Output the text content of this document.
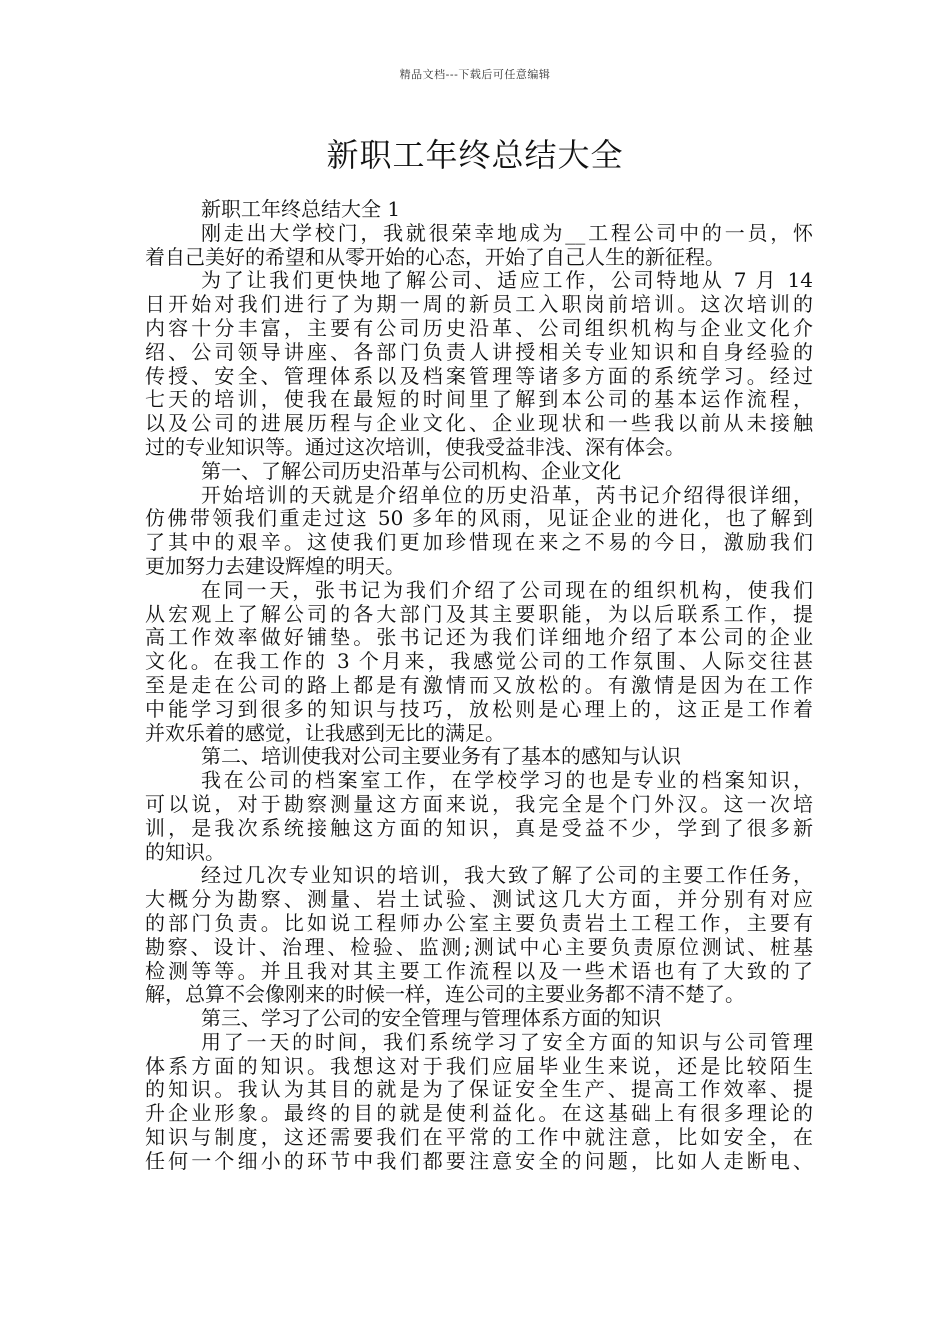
精品文档---下载后可任意编辑
新职工年终总结大全
新职工年终总结大全 1
刚走出大学校门，我就很荣幸地成为__工程公司中的一员，怀
着自己美好的希望和从零开始的心态，开始了自己人生的新征程。
为了让我们更快地了解公司、适应工作，公司特地从 7 月 14
日开始对我们进行了为期一周的新员工入职岗前培训。这次培训的
内容十分丰富，主要有公司历史沿革、公司组织机构与企业文化介
绍、公司领导讲座、各部门负责人讲授相关专业知识和自身经验的
传授、安全、管理体系以及档案管理等诸多方面的系统学习。经过
七天的培训，使我在最短的时间里了解到本公司的基本运作流程，
以及公司的进展历程与企业文化、企业现状和一些我以前从未接触
过的专业知识等。通过这次培训，使我受益非浅、深有体会。
第一、了解公司历史沿革与公司机构、企业文化
开始培训的天就是介绍单位的历史沿革，芮书记介绍得很详细，
仿佛带领我们重走过这 50 多年的风雨，见证企业的进化，也了解到
了其中的艰辛。这使我们更加珍惜现在来之不易的今日，激励我们
更加努力去建设辉煌的明天。
在同一天，张书记为我们介绍了公司现在的组织机构，使我们
从宏观上了解公司的各大部门及其主要职能，为以后联系工作，提
高工作效率做好铺垫。张书记还为我们详细地介绍了本公司的企业
文化。在我工作的 3 个月来，我感觉公司的工作氛围、人际交往甚
至是走在公司的路上都是有激情而又放松的。有激情是因为在工作
中能学习到很多的知识与技巧，放松则是心理上的，这正是工作着
并欢乐着的感觉，让我感到无比的满足。
第二、培训使我对公司主要业务有了基本的感知与认识
我在公司的档案室工作，在学校学习的也是专业的档案知识，
可以说，对于勘察测量这方面来说，我完全是个门外汉。这一次培
训，是我次系统接触这方面的知识，真是受益不少，学到了很多新
的知识。
经过几次专业知识的培训，我大致了解了公司的主要工作任务，
大概分为勘察、测量、岩土试验、测试这几大方面，并分别有对应
的部门负责。比如说工程师办公室主要负责岩土工程工作，主要有
勘察、设计、治理、检验、监测;测试中心主要负责原位测试、桩基
检测等等。并且我对其主要工作流程以及一些术语也有了大致的了
解，总算不会像刚来的时候一样，连公司的主要业务都不清不楚了。
第三、学习了公司的安全管理与管理体系方面的知识
用了一天的时间，我们系统学习了安全方面的知识与公司管理
体系方面的知识。我想这对于我们应届毕业生来说，还是比较陌生
的知识。我认为其目的就是为了保证安全生产、提高工作效率、提
升企业形象。最终的目的就是使利益化。在这基础上有很多理论的
知识与制度，这还需要我们在平常的工作中就注意，比如安全，在
任何一个细小的环节中我们都要注意安全的问题，比如人走断电、
